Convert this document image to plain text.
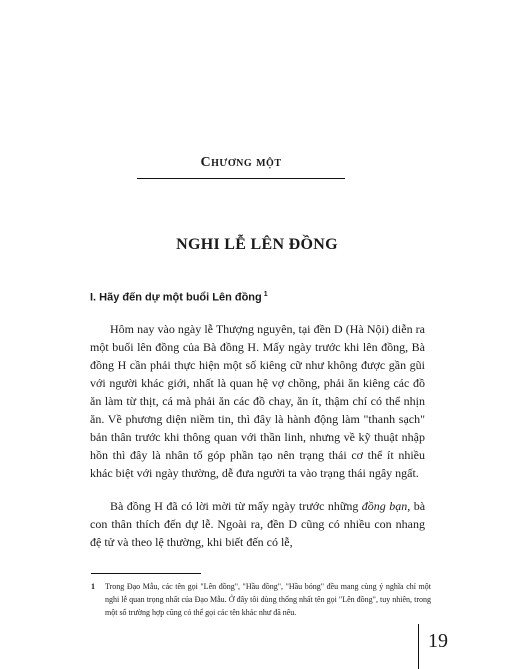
Chương một
NGHI LỄ LÊN ĐỒNG
I. Hãy đến dự một buổi Lên đồng $^1$

Hôm nay vào ngày lễ Thượng nguyên, tại đền D (Hà Nội) diễn ra một buổi lên đồng của Bà đồng H. Mấy ngày trước khi lên đồng, Bà đồng H cần phải thực hiện một số kiêng cữ như không được gần gũi với người khác giới, nhất là quan hệ vợ chồng, phải ăn kiêng các đồ ăn làm từ thịt, cá mà phải ăn các đồ chay, ăn ít, thậm chí có thể nhịn ăn. Về phương diện niềm tin, thì đây là hành động làm "thanh sạch" bản thân trước khi thông quan với thần linh, nhưng về kỹ thuật nhập hồn thì đây là nhân tố góp phần tạo nên trạng thái cơ thể ít nhiều khác biệt với ngày thường, dễ đưa người ta vào trạng thái ngây ngất.

Bà đồng H đã có lời mời từ mấy ngày trước những đồng bạn, bà con thân thích đến dự lễ. Ngoài ra, đền D cũng có nhiều con nhang đệ tử và theo lệ thường, khi biết đến có lễ,

1 Trong Đạo Mẫu, các tên gọi "Lên đồng", "Hầu đồng", "Hầu bóng" đều mang cùng ý nghĩa chỉ một nghi lễ quan trọng nhất của Đạo Mẫu. Ở đây tôi dùng thống nhất tên gọi "Lên đồng", tuy nhiên, trong một số trường hợp cũng có thể gọi các tên khác như đã nêu.
19
